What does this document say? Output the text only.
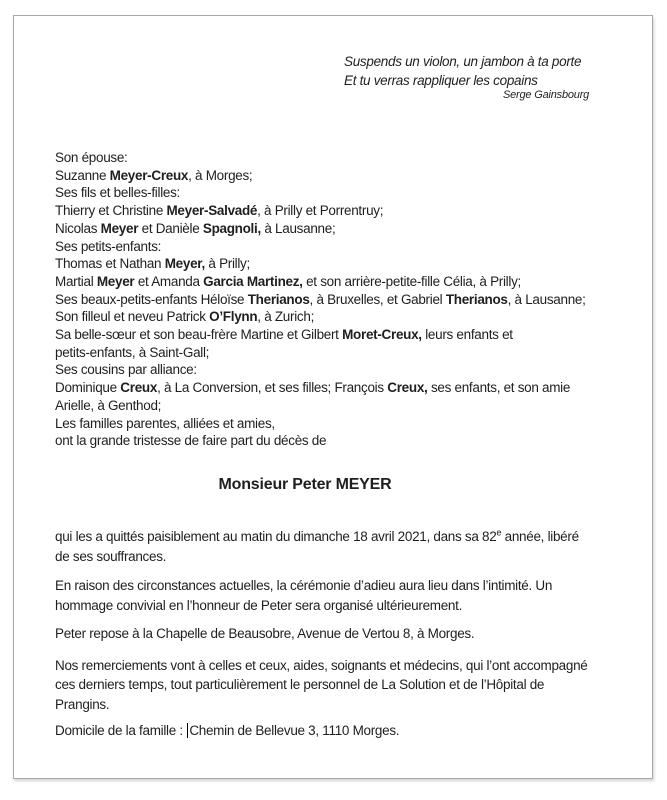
Suspends un violon, un jambon à ta porte
Et tu verras rappliquer les copains
Serge Gainsbourg
Son épouse:
Suzanne Meyer-Creux, à Morges;
Ses fils et belles-filles:
Thierry et Christine Meyer-Salvadé, à Prilly et Porrentruy;
Nicolas Meyer et Danièle Spagnoli, à Lausanne;
Ses petits-enfants:
Thomas et Nathan Meyer, à Prilly;
Martial Meyer et Amanda Garcia Martinez, et son arrière-petite-fille Célia, à Prilly;
Ses beaux-petits-enfants Héloïse Therianos, à Bruxelles, et Gabriel Therianos, à Lausanne;
Son filleul et neveu Patrick O’Flynn, à Zurich;
Sa belle-sœur et son beau-frère Martine et Gilbert Moret-Creux, leurs enfants et
petits-enfants, à Saint-Gall;
Ses cousins par alliance:
Dominique Creux, à La Conversion, et ses filles; François Creux, ses enfants, et son amie
Arielle, à Genthod;
Les familles parentes, alliées et amies,
ont la grande tristesse de faire part du décès de
Monsieur Peter MEYER
qui les a quittés paisiblement au matin du dimanche 18 avril 2021, dans sa 82e année, libéré
de ses souffrances.
En raison des circonstances actuelles, la cérémonie d’adieu aura lieu dans l’intimité. Un
hommage convivial en l’honneur de Peter sera organisé ultérieurement.
Peter repose à la Chapelle de Beausobre, Avenue de Vertou 8, à Morges.
Nos remerciements vont à celles et ceux, aides, soignants et médecins, qui l’ont accompagné
ces derniers temps, tout particulièrement le personnel de La Solution et de l’Hôpital de
Prangins.
Domicile de la famille : Chemin de Bellevue 3, 1110 Morges.
